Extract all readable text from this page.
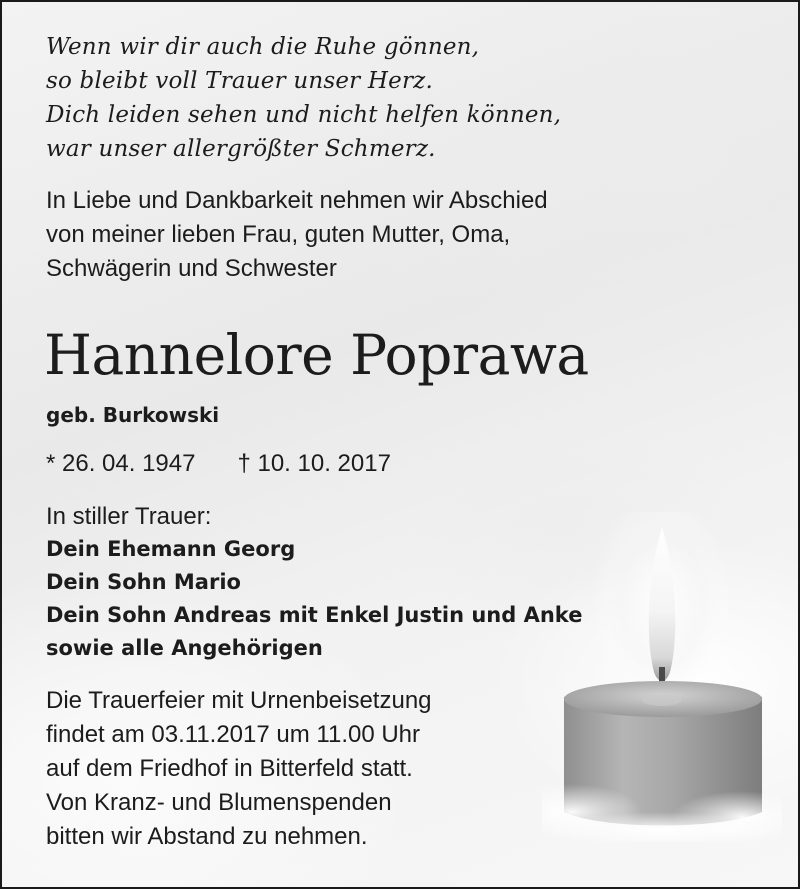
Wenn wir dir auch die Ruhe gönnen,
so bleibt voll Trauer unser Herz.
Dich leiden sehen und nicht helfen können,
war unser allergrößter Schmerz.
In Liebe und Dankbarkeit nehmen wir Abschied
von meiner lieben Frau, guten Mutter, Oma,
Schwägerin und Schwester
Hannelore Poprawa
geb. Burkowski
* 26. 04. 1947 † 10. 10. 2017
In stiller Trauer:
Dein Ehemann Georg
Dein Sohn Mario
Dein Sohn Andreas mit Enkel Justin und Anke
sowie alle Angehörigen
Die Trauerfeier mit Urnenbeisetzung
findet am 03.11.2017 um 11.00 Uhr
auf dem Friedhof in Bitterfeld statt.
Von Kranz- und Blumenspenden
bitten wir Abstand zu nehmen.
